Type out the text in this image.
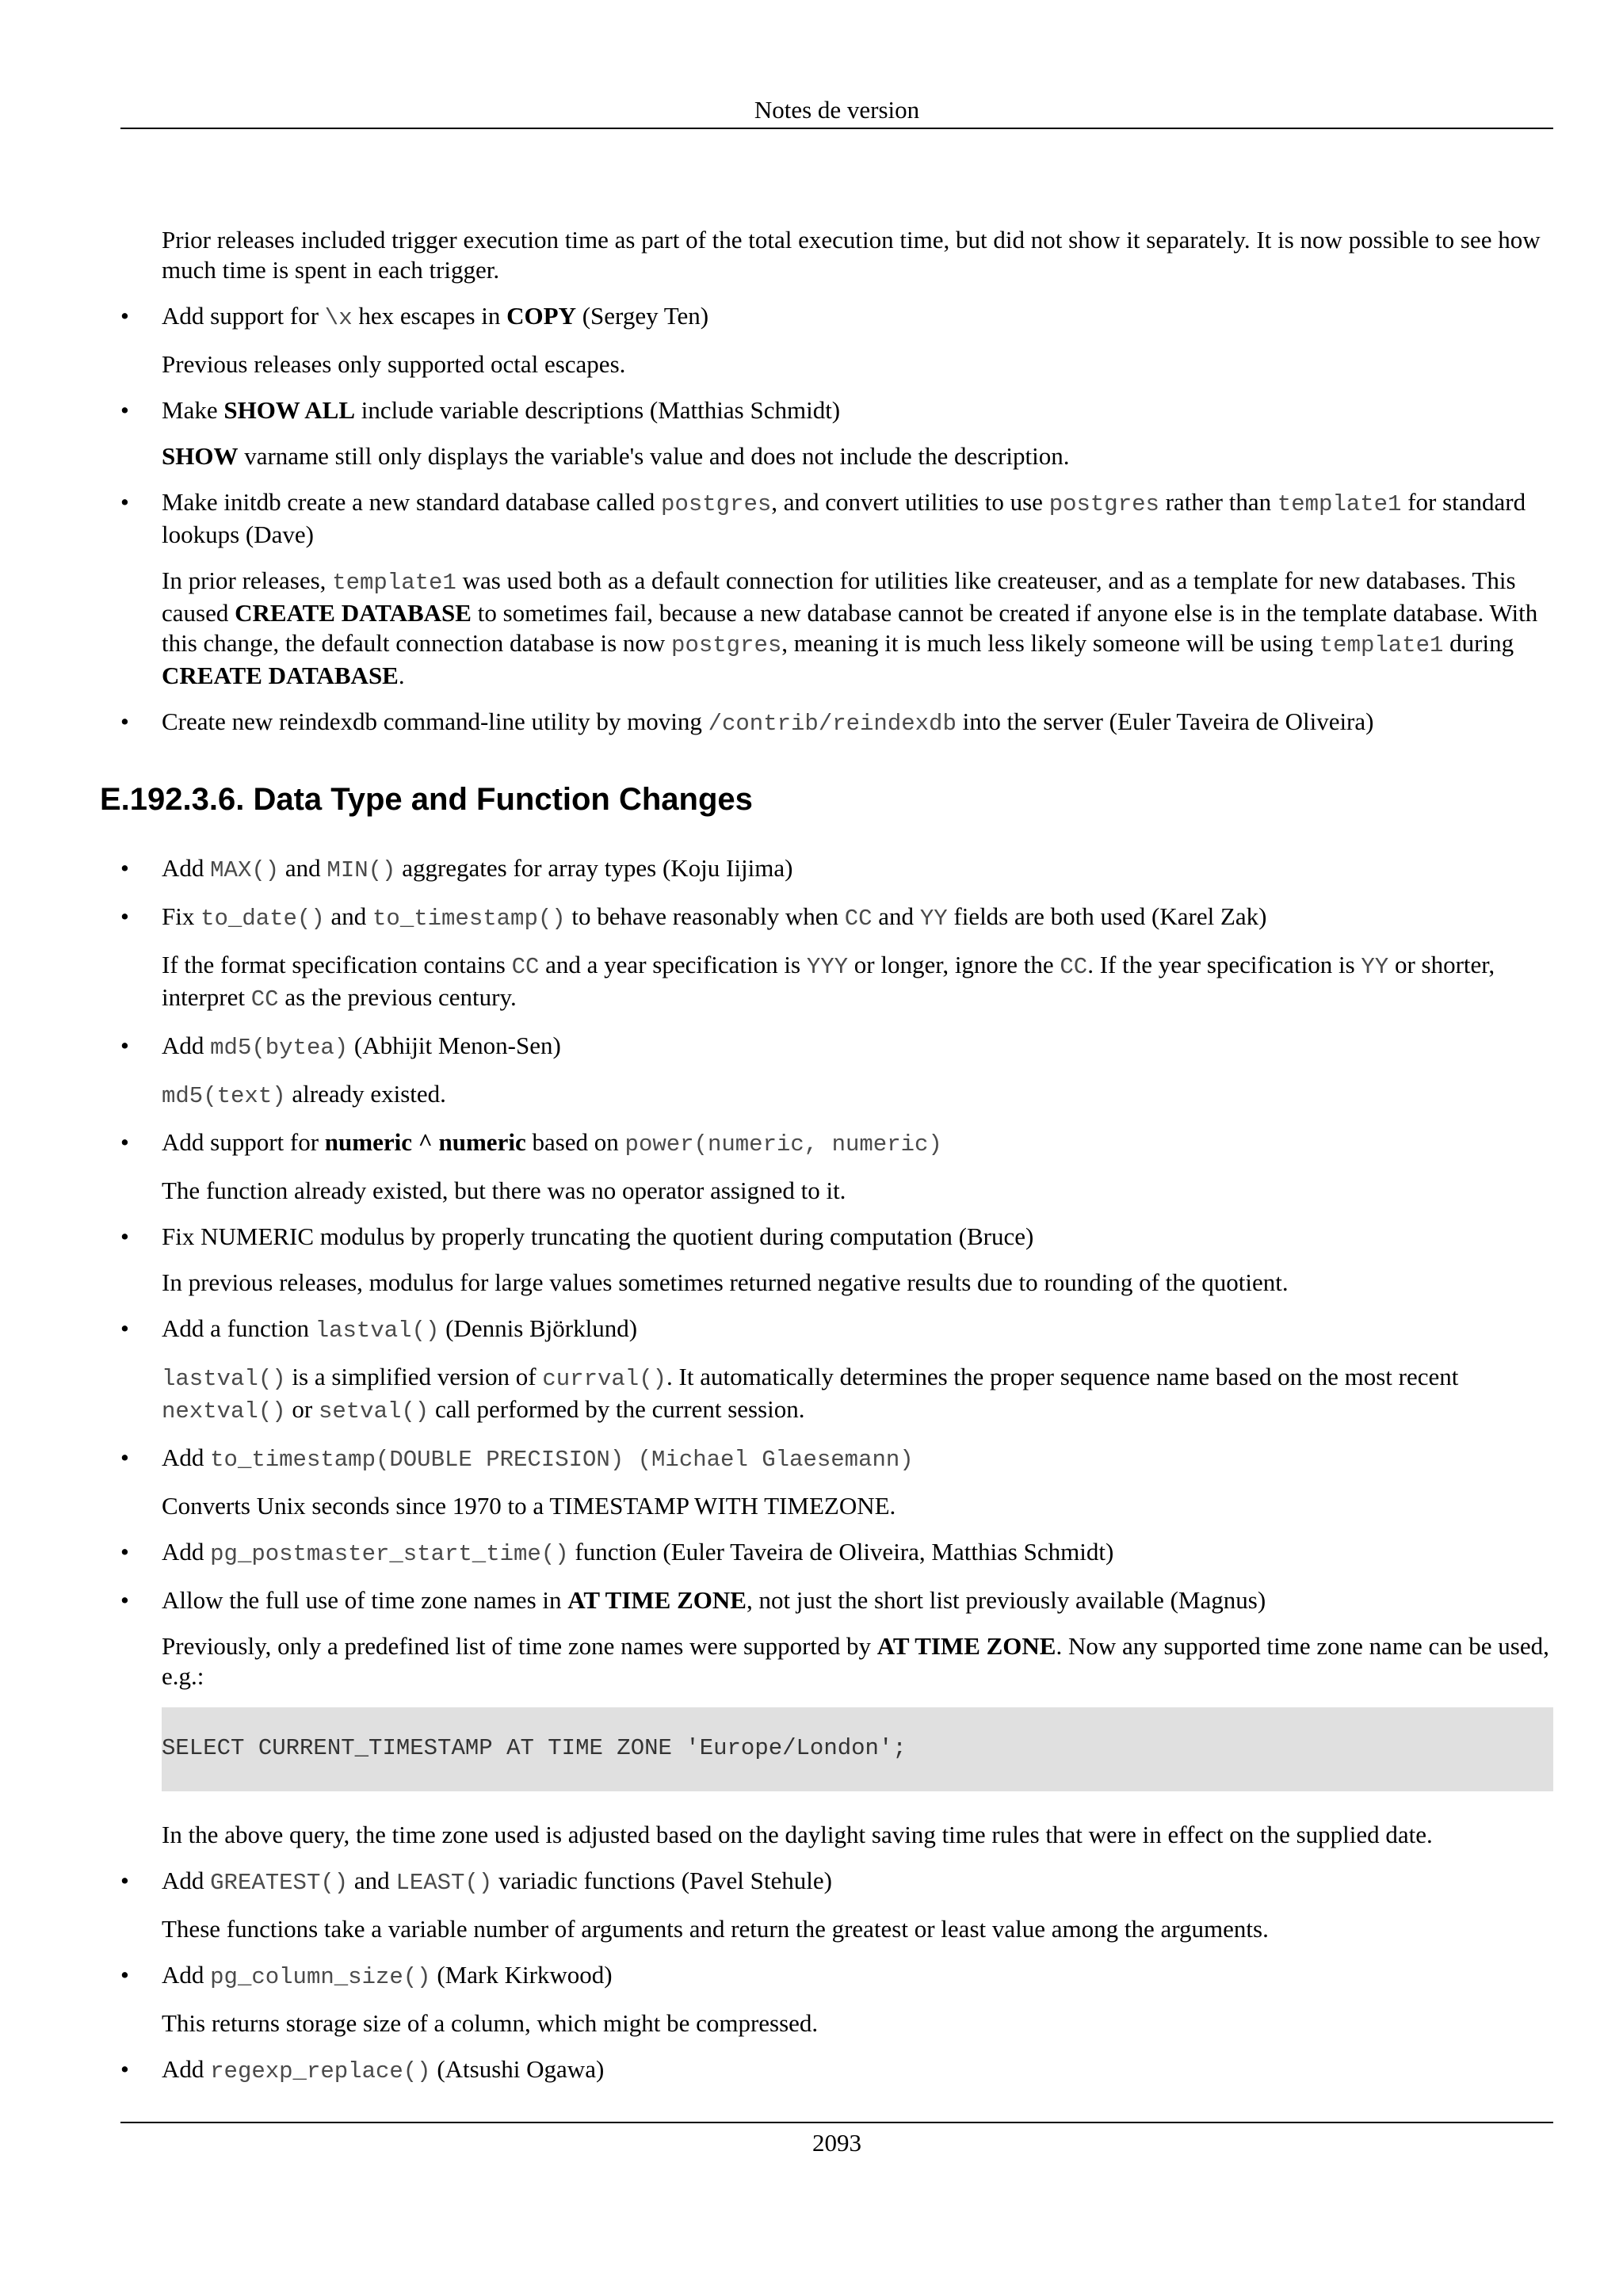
Notes de version

Prior releases included trigger execution time as part of the total execution time, but did not show it separately. It is now possible to see how much time is spent in each trigger.

• Add support for \x hex escapes in COPY (Sergey Ten)

Previous releases only supported octal escapes.

• Make SHOW ALL include variable descriptions (Matthias Schmidt)

SHOW varname still only displays the variable's value and does not include the description.

• Make initdb create a new standard database called postgres, and convert utilities to use postgres rather than template1 for standard lookups (Dave)

In prior releases, template1 was used both as a default connection for utilities like createuser, and as a template for new databases. This caused CREATE DATABASE to sometimes fail, because a new database cannot be created if anyone else is in the template database. With this change, the default connection database is now postgres, meaning it is much less likely someone will be using template1 during CREATE DATABASE.

• Create new reindexdb command-line utility by moving /contrib/reindexdb into the server (Euler Taveira de Oliveira)
E.192.3.6. Data Type and Function Changes
• Add MAX() and MIN() aggregates for array types (Koju Iijima)
• Fix to_date() and to_timestamp() to behave reasonably when CC and YY fields are both used (Karel Zak)

If the format specification contains CC and a year specification is YYY or longer, ignore the CC. If the year specification is YY or shorter, interpret CC as the previous century.

• Add md5(bytea) (Abhijit Menon-Sen)

md5(text) already existed.

• Add support for numeric ^ numeric based on power(numeric, numeric)

The function already existed, but there was no operator assigned to it.

• Fix NUMERIC modulus by properly truncating the quotient during computation (Bruce)

In previous releases, modulus for large values sometimes returned negative results due to rounding of the quotient.

• Add a function lastval() (Dennis Björklund)

lastval() is a simplified version of currval(). It automatically determines the proper sequence name based on the most recent nextval() or setval() call performed by the current session.

• Add to_timestamp(DOUBLE PRECISION) (Michael Glaesemann)

Converts Unix seconds since 1970 to a TIMESTAMP WITH TIMEZONE.

• Add pg_postmaster_start_time() function (Euler Taveira de Oliveira, Matthias Schmidt)
• Allow the full use of time zone names in AT TIME ZONE, not just the short list previously available (Magnus)

Previously, only a predefined list of time zone names were supported by AT TIME ZONE. Now any supported time zone name can be used, e.g.:

SELECT CURRENT_TIMESTAMP AT TIME ZONE 'Europe/London';

In the above query, the time zone used is adjusted based on the daylight saving time rules that were in effect on the supplied date.

• Add GREATEST() and LEAST() variadic functions (Pavel Stehule)

These functions take a variable number of arguments and return the greatest or least value among the arguments.

• Add pg_column_size() (Mark Kirkwood)

This returns storage size of a column, which might be compressed.

• Add regexp_replace() (Atsushi Ogawa)
2093
